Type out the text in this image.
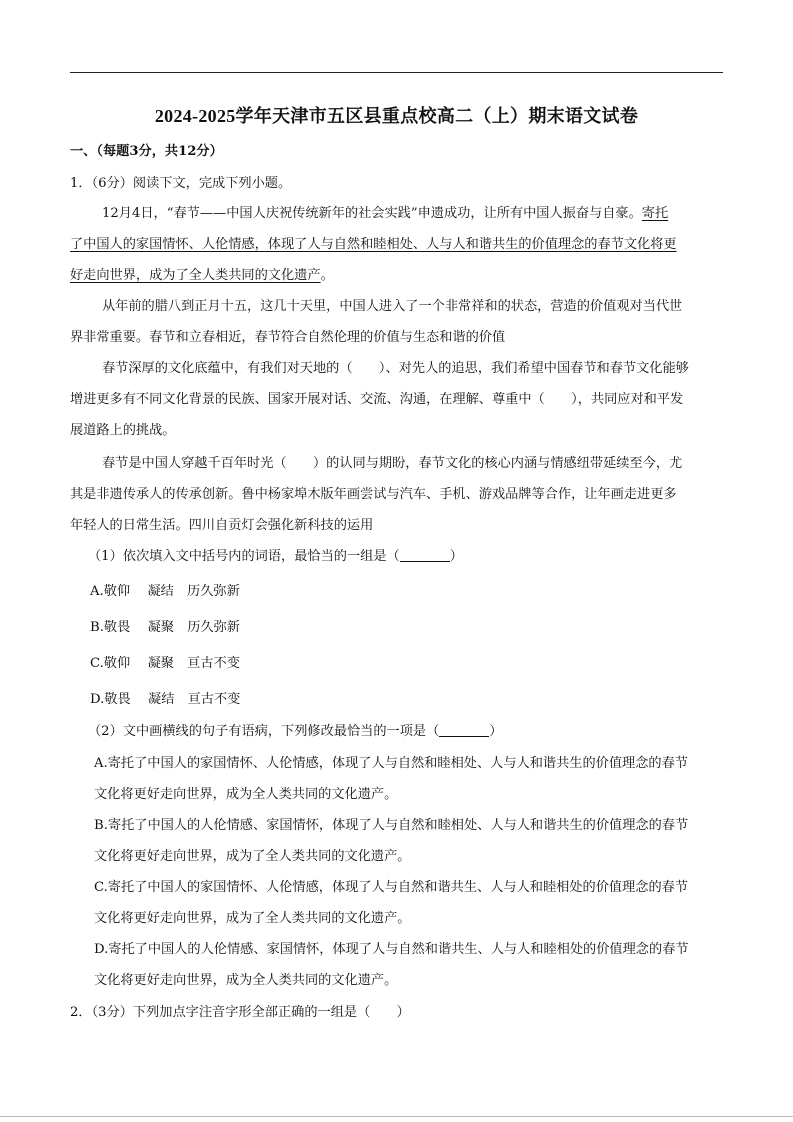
2024-2025学年天津市五区县重点校高二（上）期末语文试卷
一、（每题3分，共12分）
1．（6分）阅读下文，完成下列小题。
12月4日，“春节——中国人庆祝传统新年的社会实践”申遗成功，让所有中国人振奋与自豪。寄托
了中国人的家国情怀、人伦情感，体现了人与自然和睦相处、人与人和谐共生的价值理念的春节文化将更
好走向世界，成为了全人类共同的文化遗产。
从年前的腊八到正月十五，这几十天里，中国人进入了一个非常祥和的状态，营造的价值观对当代世
界非常重要。春节和立春相近，春节符合自然伦理的价值与生态和谐的价值
春节深厚的文化底蕴中，有我们对天地的（　　）、对先人的追思，我们希望中国春节和春节文化能够
增进更多有不同文化背景的民族、国家开展对话、交流、沟通，在理解、尊重中（　　），共同应对和平发
展道路上的挑战。
春节是中国人穿越千百年时光（　　）的认同与期盼，春节文化的核心内涵与情感纽带延续至今，尤
其是非遗传承人的传承创新。鲁中杨家埠木版年画尝试与汽车、手机、游戏品牌等合作，让年画走进更多
年轻人的日常生活。四川自贡灯会强化新科技的运用
（1）依次填入文中括号内的词语，最恰当的一组是（	）
A.敬仰　 凝结　历久弥新
B.敬畏　 凝聚　历久弥新
C.敬仰　 凝聚　亘古不变
D.敬畏　 凝结　亘古不变
（2）文中画横线的句子有语病，下列修改最恰当的一项是（	）
A.寄托了中国人的家国情怀、人伦情感，体现了人与自然和睦相处、人与人和谐共生的价值理念的春节
文化将更好走向世界，成为全人类共同的文化遗产。
B.寄托了中国人的人伦情感、家国情怀，体现了人与自然和睦相处、人与人和谐共生的价值理念的春节
文化将更好走向世界，成为了全人类共同的文化遗产。
C.寄托了中国人的家国情怀、人伦情感，体现了人与自然和谐共生、人与人和睦相处的价值理念的春节
文化将更好走向世界，成为了全人类共同的文化遗产。
D.寄托了中国人的人伦情感、家国情怀，体现了人与自然和谐共生、人与人和睦相处的价值理念的春节
文化将更好走向世界，成为全人类共同的文化遗产。
2．（3分）下列加点字注音字形全部正确的一组是（　　）
